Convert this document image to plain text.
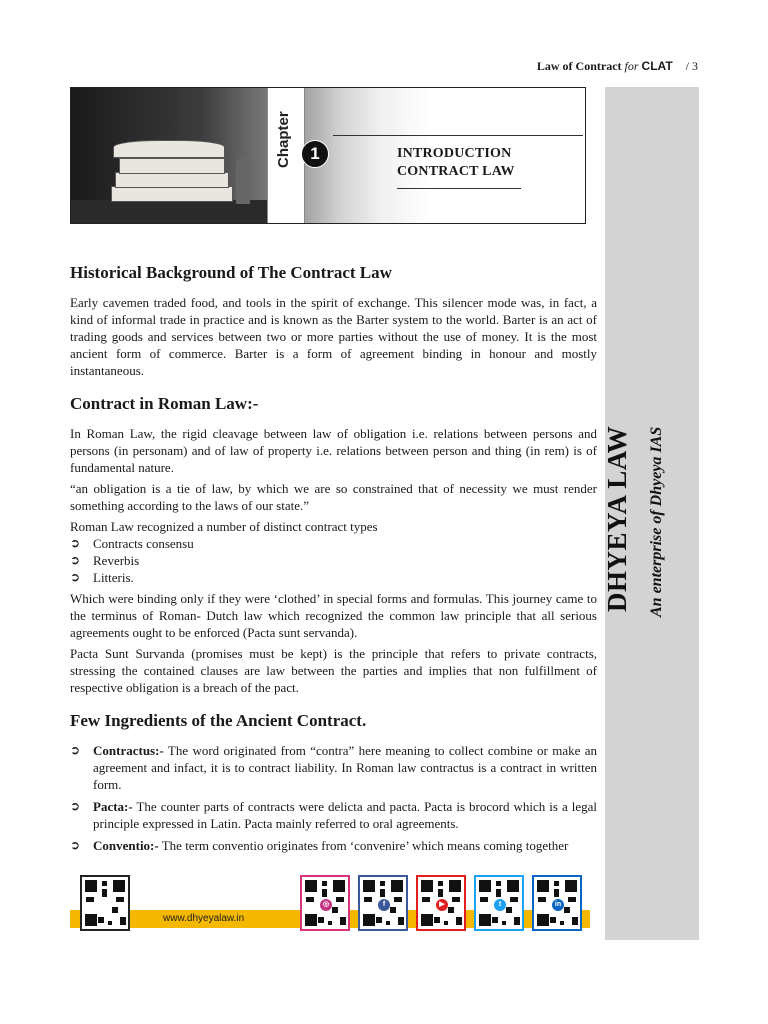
Law of Contract for CLAT / 3
Chapter	1	INTRODUCTION
CONTRACT LAW
DHYEYA LAW An enterprise of Dhyeya IAS
Historical Background of The Contract Law

Early cavemen traded food, and tools in the spirit of exchange. This silencer mode was, in fact, a kind of informal trade in practice and is known as the Barter system to the world. Barter is an act of trading goods and services between two or more parties without the use of money. It is the most ancient form of commerce. Barter is a form of agreement binding in honour and mostly instantaneous.

Contract in Roman Law:-

In Roman Law, the rigid cleavage between law of obligation i.e. relations between persons and persons (in personam) and of law of property i.e. relations between person and thing (in rem) is of fundamental nature.

“an obligation is a tie of law, by which we are so constrained that of necessity we must render something according to the laws of our state.”

Roman Law recognized a number of distinct contract types

➲ Contracts consensu
➲ Reverbis
➲ Litteris.

Which were binding only if they were ‘clothed’ in special forms and formulas. This journey came to the terminus of Roman- Dutch law which recognized the common law principle that all serious agreements ought to be enforced (Pacta sunt servanda).

Pacta Sunt Survanda (promises must be kept) is the principle that refers to private contracts, stressing the contained clauses are law between the parties and implies that non fulfillment of respective obligation is a breach of the pact.

Few Ingredients of the Ancient Contract.
➲ Contractus:- The word originated from “contra” here meaning to collect combine or make an agreement and infact, it is to contract liability. In Roman law contractus is a contract in written form.
➲ Pacta:- The counter parts of contracts were delicta and pacta. Pacta is brocord which is a legal principle expressed in Latin. Pacta mainly referred to oral agreements.
➲ Conventio:- The term conventio originates from ‘convenire’ which means coming together
www.dhyeyalaw.in
◎	f	▶	t	in
